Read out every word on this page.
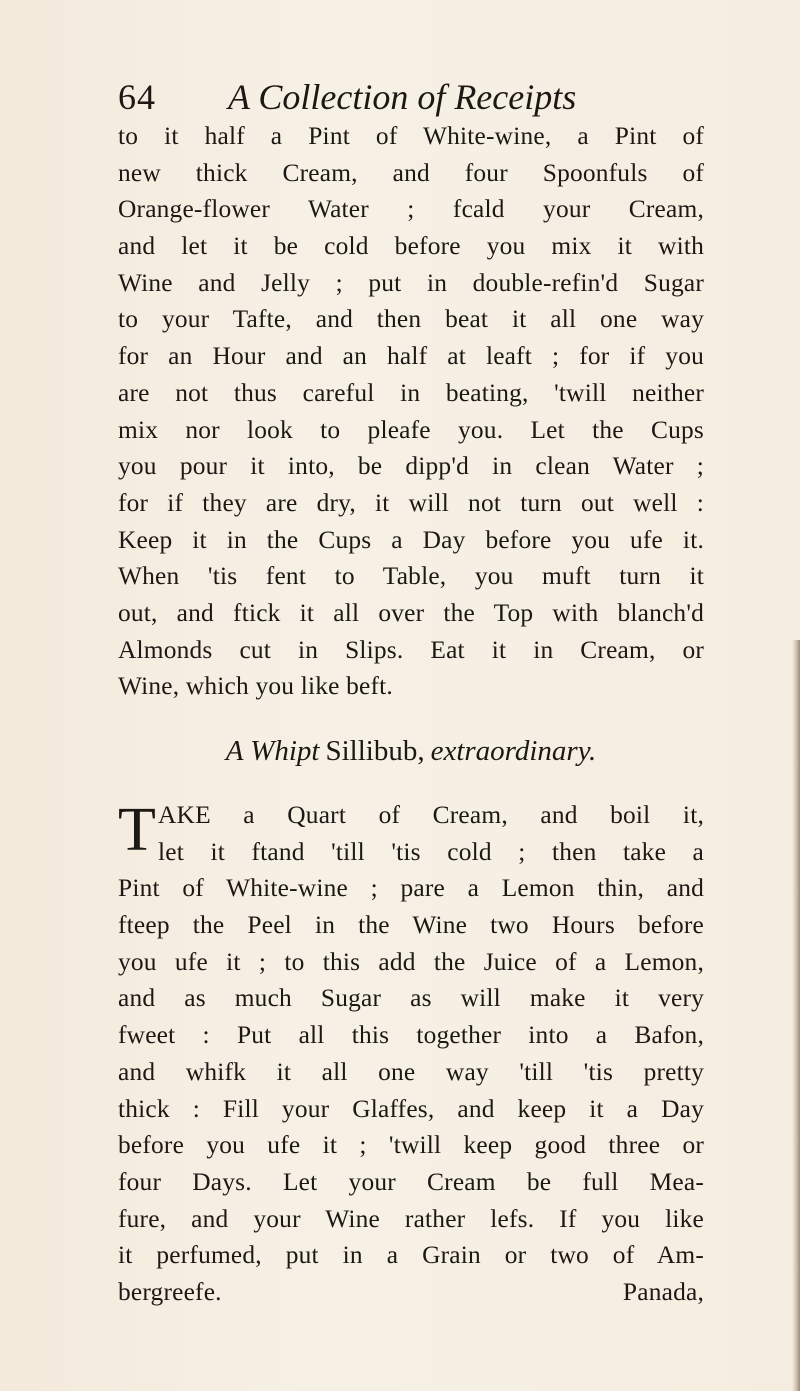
64 A Collection of Receipts
to it half a Pint of White-wine, a Pint of
new thick Cream, and four Spoonfuls of
Orange-flower Water ; fcald your Cream,
and let it be cold before you mix it with
Wine and Jelly ; put in double-refin'd Sugar
to your Tafte, and then beat it all one way
for an Hour and an half at leaft ; for if you
are not thus careful in beating, 'twill neither
mix nor look to pleafe you. Let the Cups
you pour it into, be dipp'd in clean Water ;
for if they are dry, it will not turn out well :
Keep it in the Cups a Day before you ufe it.
When 'tis fent to Table, you muft turn it
out, and ftick it all over the Top with blanch'd
Almonds cut in Slips. Eat it in Cream, or
Wine, which you like beft.
A Whipt Sillibub, extraordinary.
T AKE a Quart of Cream, and boil it,
let it ftand 'till 'tis cold ; then take a
Pint of White-wine ; pare a Lemon thin, and
fteep the Peel in the Wine two Hours before
you ufe it ; to this add the Juice of a Lemon,
and as much Sugar as will make it very
fweet : Put all this together into a Bafon,
and whifk it all one way 'till 'tis pretty
thick : Fill your Glaffes, and keep it a Day
before you ufe it ; 'twill keep good three or
four Days. Let your Cream be full Mea-
fure, and your Wine rather lefs. If you like
it perfumed, put in a Grain or two of Am-
bergreefe.	Panada,
